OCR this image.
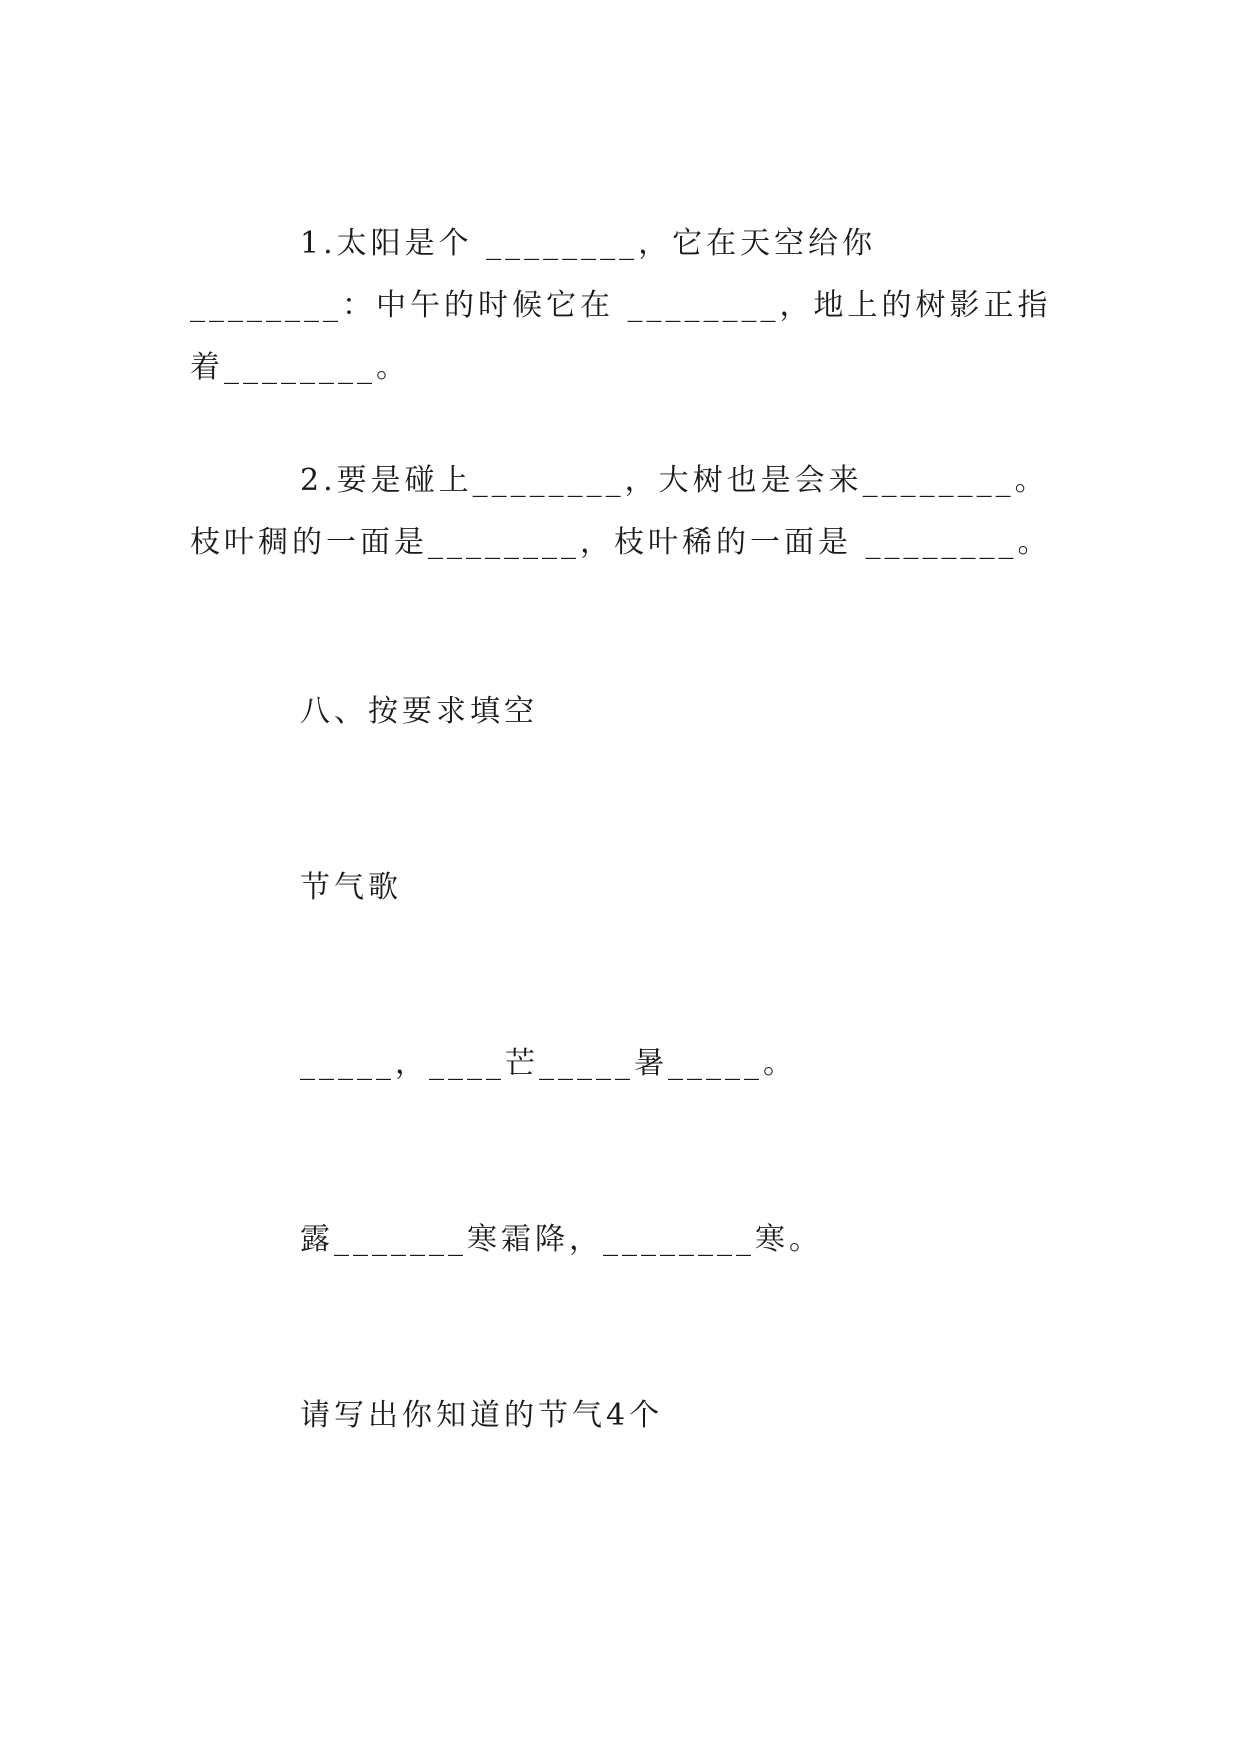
1.太阳是个 ________，它在天空给你________：中午的时候它在 ________，地上的树影正指着________。
2.要是碰上________，大树也是会来________。枝叶稠的一面是________，枝叶稀的一面是 ________。
八、按要求填空
节气歌
_____，____芒_____暑_____。
露_______寒霜降，________寒。
请写出你知道的节气4个
